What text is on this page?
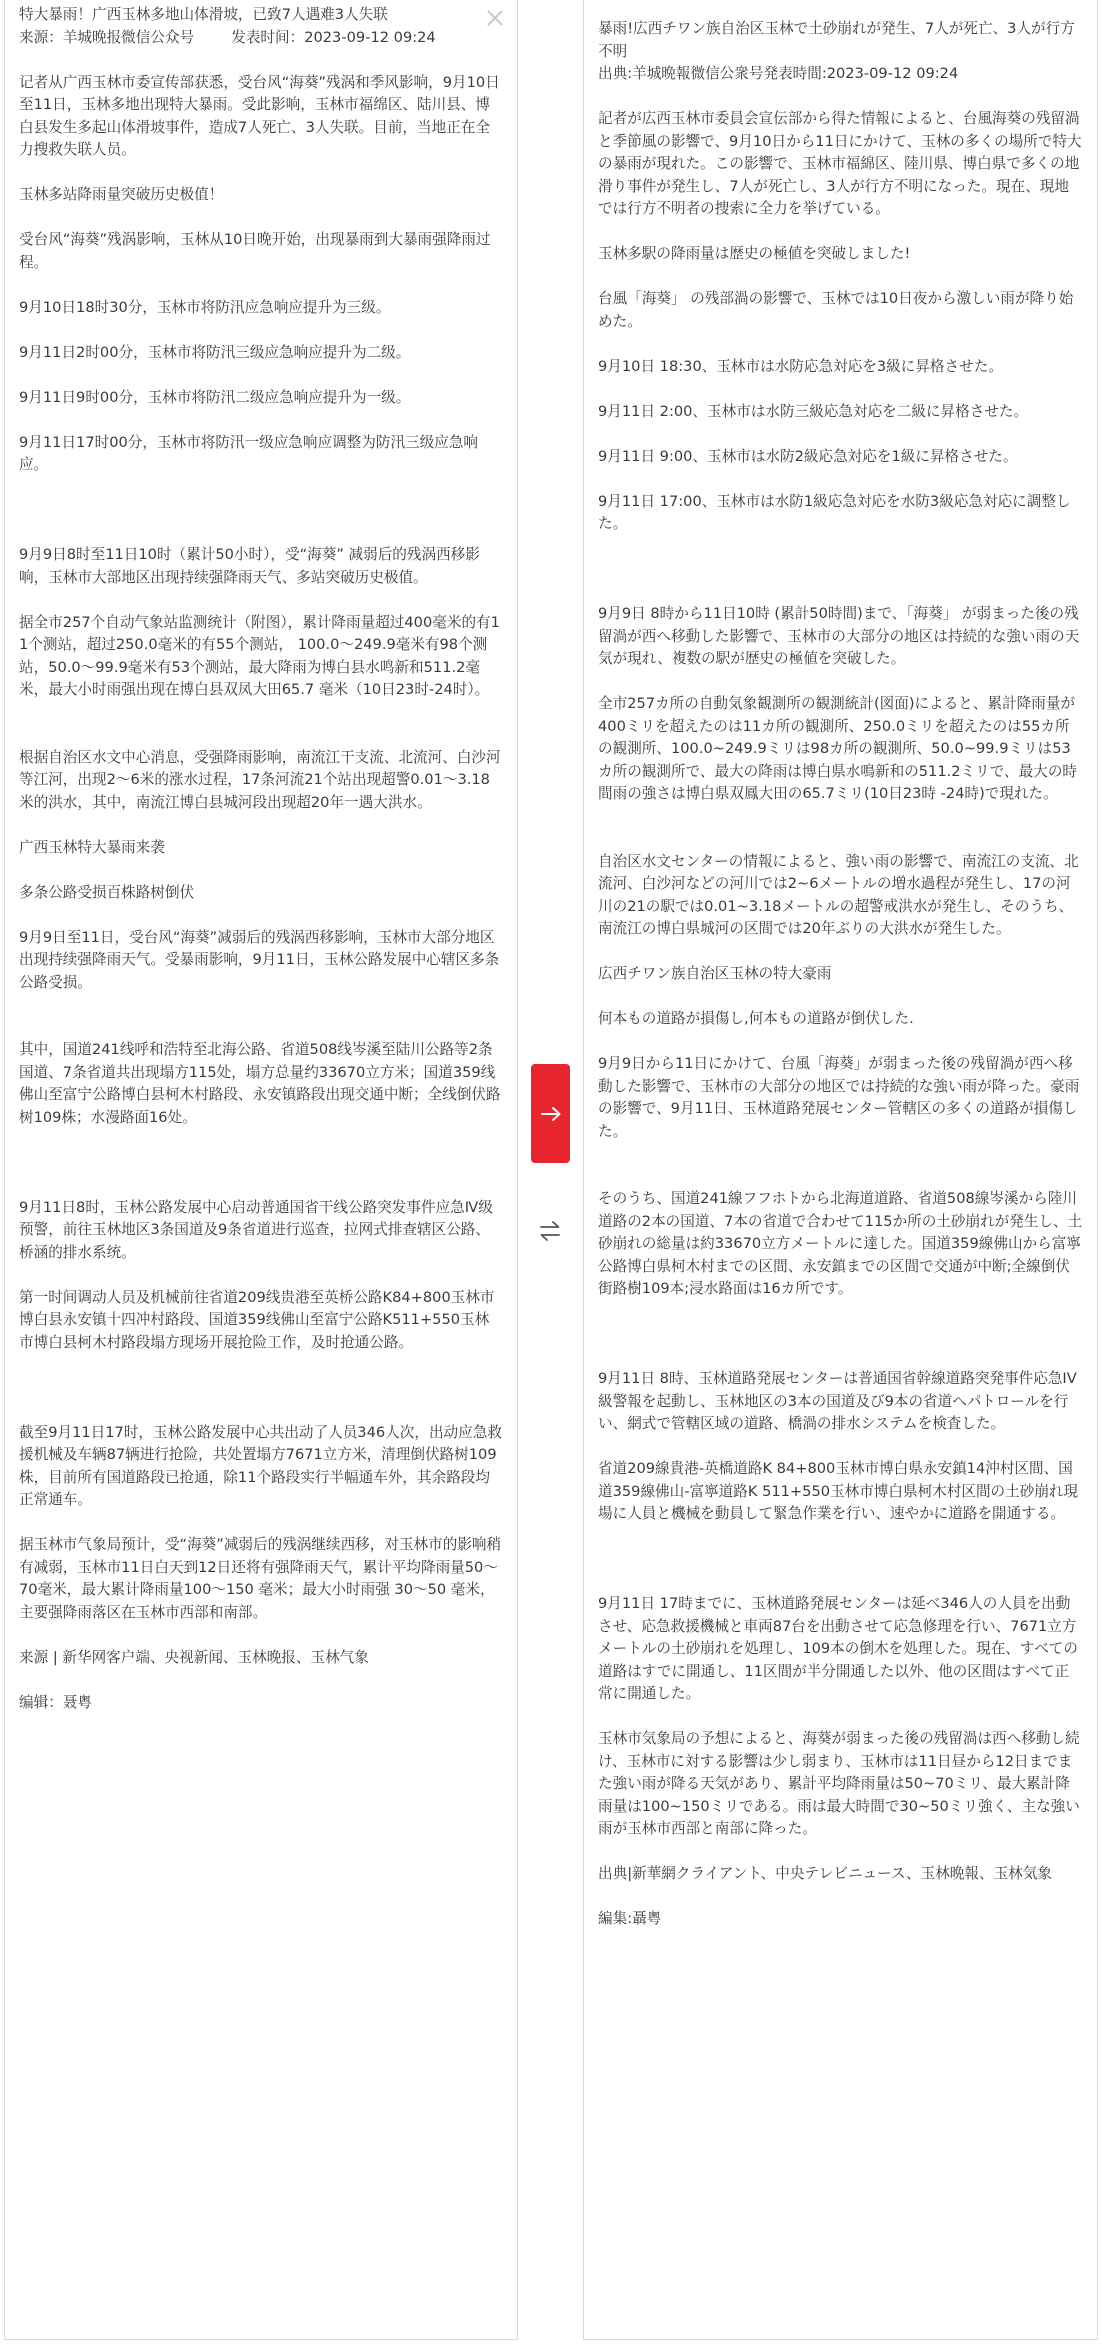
特大暴雨！广西玉林多地山体滑坡，已致7人遇难3人失联
来源：羊城晚报微信公众号        发表时间：2023-09-12 09:24

记者从广西玉林市委宣传部获悉，受台风“海葵”残涡和季风影响，9月10日至11日，玉林多地出现特大暴雨。受此影响，玉林市福绵区、陆川县、博白县发生多起山体滑坡事件，造成7人死亡、3人失联。目前，当地正在全力搜救失联人员。

玉林多站降雨量突破历史极值！

受台风“海葵”残涡影响，玉林从10日晚开始，出现暴雨到大暴雨强降雨过程。

9月10日18时30分，玉林市将防汛应急响应提升为三级。

9月11日2时00分，玉林市将防汛三级应急响应提升为二级。

9月11日9时00分，玉林市将防汛二级应急响应提升为一级。

9月11日17时00分，玉林市将防汛一级应急响应调整为防汛三级应急响应。

9月9日8时至11日10时（累计50小时），受“海葵” 减弱后的残涡西移影响，玉林市大部地区出现持续强降雨天气、多站突破历史极值。

据全市257个自动气象站监测统计（附图），累计降雨量超过400毫米的有11个测站，超过250.0毫米的有55个测站， 100.0～249.9毫米有98个测站，50.0～99.9毫米有53个测站，最大降雨为博白县水鸣新和511.2毫米，最大小时雨强出现在博白县双凤大田65.7 毫米（10日23时-24时）。

根据自治区水文中心消息，受强降雨影响，南流江干支流、北流河、白沙河等江河，出现2～6米的涨水过程，17条河流21个站出现超警0.01～3.18米的洪水，其中，南流江博白县城河段出现超20年一遇大洪水。

广西玉林特大暴雨来袭

多条公路受损百株路树倒伏

9月9日至11日，受台风“海葵”减弱后的残涡西移影响，玉林市大部分地区出现持续强降雨天气。受暴雨影响，9月11日，玉林公路发展中心辖区多条公路受损。

其中，国道241线呼和浩特至北海公路、省道508线岑溪至陆川公路等2条国道、7条省道共出现塌方115处，塌方总量约33670立方米；国道359线佛山至富宁公路博白县柯木村路段、永安镇路段出现交通中断；全线倒伏路树109株；水漫路面16处。

9月11日8时，玉林公路发展中心启动普通国省干线公路突发事件应急Ⅳ级预警，前往玉林地区3条国道及9条省道进行巡查，拉网式排查辖区公路、桥涵的排水系统。

第一时间调动人员及机械前往省道209线贵港至英桥公路K84+800玉林市博白县永安镇十四冲村路段、国道359线佛山至富宁公路K511+550玉林市博白县柯木村路段塌方现场开展抢险工作，及时抢通公路。

截至9月11日17时，玉林公路发展中心共出动了人员346人次，出动应急救援机械及车辆87辆进行抢险，共处置塌方7671立方米，清理倒伏路树109株，目前所有国道路段已抢通，除11个路段实行半幅通车外，其余路段均正常通车。

据玉林市气象局预计，受“海葵”减弱后的残涡继续西移，对玉林市的影响稍有减弱，玉林市11日白天到12日还将有强降雨天气，累计平均降雨量50～70毫米，最大累计降雨量100～150 毫米；最大小时雨强 30～50 毫米，主要强降雨落区在玉林市西部和南部。

来源 | 新华网客户端、央视新闻、玉林晚报、玉林气象

编辑：聂粤
暴雨!広西チワン族自治区玉林で土砂崩れが発生、7人が死亡、3人が行方不明
出典:羊城晩報微信公衆号発表時間:2023-09-12 09:24

記者が広西玉林市委員会宣伝部から得た情報によると、台風海葵の残留渦と季節風の影響で、9月10日から11日にかけて、玉林の多くの場所で特大の暴雨が現れた。この影響で、玉林市福綿区、陸川県、博白県で多くの地滑り事件が発生し、7人が死亡し、3人が行方不明になった。現在、現地では行方不明者の捜索に全力を挙げている。

玉林多駅の降雨量は歴史の極値を突破しました!

台風「海葵」 の残部渦の影響で、玉林では10日夜から激しい雨が降り始めた。

9月10日 18:30、玉林市は水防応急対応を3級に昇格させた。

9月11日 2:00、玉林市は水防三級応急対応を二級に昇格させた。

9月11日 9:00、玉林市は水防2級応急対応を1級に昇格させた。

9月11日 17:00、玉林市は水防1級応急対応を水防3級応急対応に調整した。

9月9日 8時から11日10時 (累計50時間)まで、「海葵」 が弱まった後の残留渦が西へ移動した影響で、玉林市の大部分の地区は持続的な強い雨の天気が現れ、複数の駅が歴史の極値を突破した。

全市257カ所の自動気象観測所の観測統計(図面)によると、累計降雨量が400ミリを超えたのは11カ所の観測所、250.0ミリを超えたのは55カ所の観測所、100.0~249.9ミリは98カ所の観測所、50.0~99.9ミリは53カ所の観測所で、最大の降雨は博白県水鳴新和の511.2ミリで、最大の時間雨の強さは博白県双鳳大田の65.7ミリ(10日23時 -24時)で現れた。

自治区水文センターの情報によると、強い雨の影響で、南流江の支流、北流河、白沙河などの河川では2~6メートルの増水過程が発生し、17の河川の21の駅では0.01~3.18メートルの超警戒洪水が発生し、そのうち、南流江の博白県城河の区間では20年ぶりの大洪水が発生した。

広西チワン族自治区玉林の特大豪雨

何本もの道路が損傷し,何本もの道路が倒伏した.

9月9日から11日にかけて、台風「海葵」が弱まった後の残留渦が西へ移動した影響で、玉林市の大部分の地区では持続的な強い雨が降った。豪雨の影響で、9月11日、玉林道路発展センター管轄区の多くの道路が損傷した。

そのうち、国道241線フフホトから北海道道路、省道508線岑溪から陸川道路の2本の国道、7本の省道で合わせて115か所の土砂崩れが発生し、土砂崩れの総量は約33670立方メートルに達した。国道359線佛山から富寧公路博白県柯木村までの区間、永安鎮までの区間で交通が中断;全線倒伏街路樹109本;浸水路面は16カ所です。

9月11日 8時、玉林道路発展センターは普通国省幹線道路突発事件応急IV級警報を起動し、玉林地区の3本の国道及び9本の省道へパトロールを行い、網式で管轄区域の道路、橋渦の排水システムを検査した。

省道209線貴港-英橋道路K 84+800玉林市博白県永安鎮14沖村区間、国道359線佛山-富寧道路K 511+550玉林市博白県柯木村区間の土砂崩れ現場に人員と機械を動員して緊急作業を行い、速やかに道路を開通する。

9月11日 17時までに、玉林道路発展センターは延べ346人の人員を出動させ、応急救援機械と車両87台を出動させて応急修理を行い、7671立方メートルの土砂崩れを処理し、109本の倒木を処理した。現在、すべての道路はすでに開通し、11区間が半分開通した以外、他の区間はすべて正常に開通した。

玉林市気象局の予想によると、海葵が弱まった後の残留渦は西へ移動し続け、玉林市に対する影響は少し弱まり、玉林市は11日昼から12日までまた強い雨が降る天気があり、累計平均降雨量は50~70ミリ、最大累計降雨量は100~150ミリである。雨は最大時間で30~50ミリ強く、主な強い雨が玉林市西部と南部に降った。

出典|新華網クライアント、中央テレビニュース、玉林晩報、玉林気象

編集:聶粤
